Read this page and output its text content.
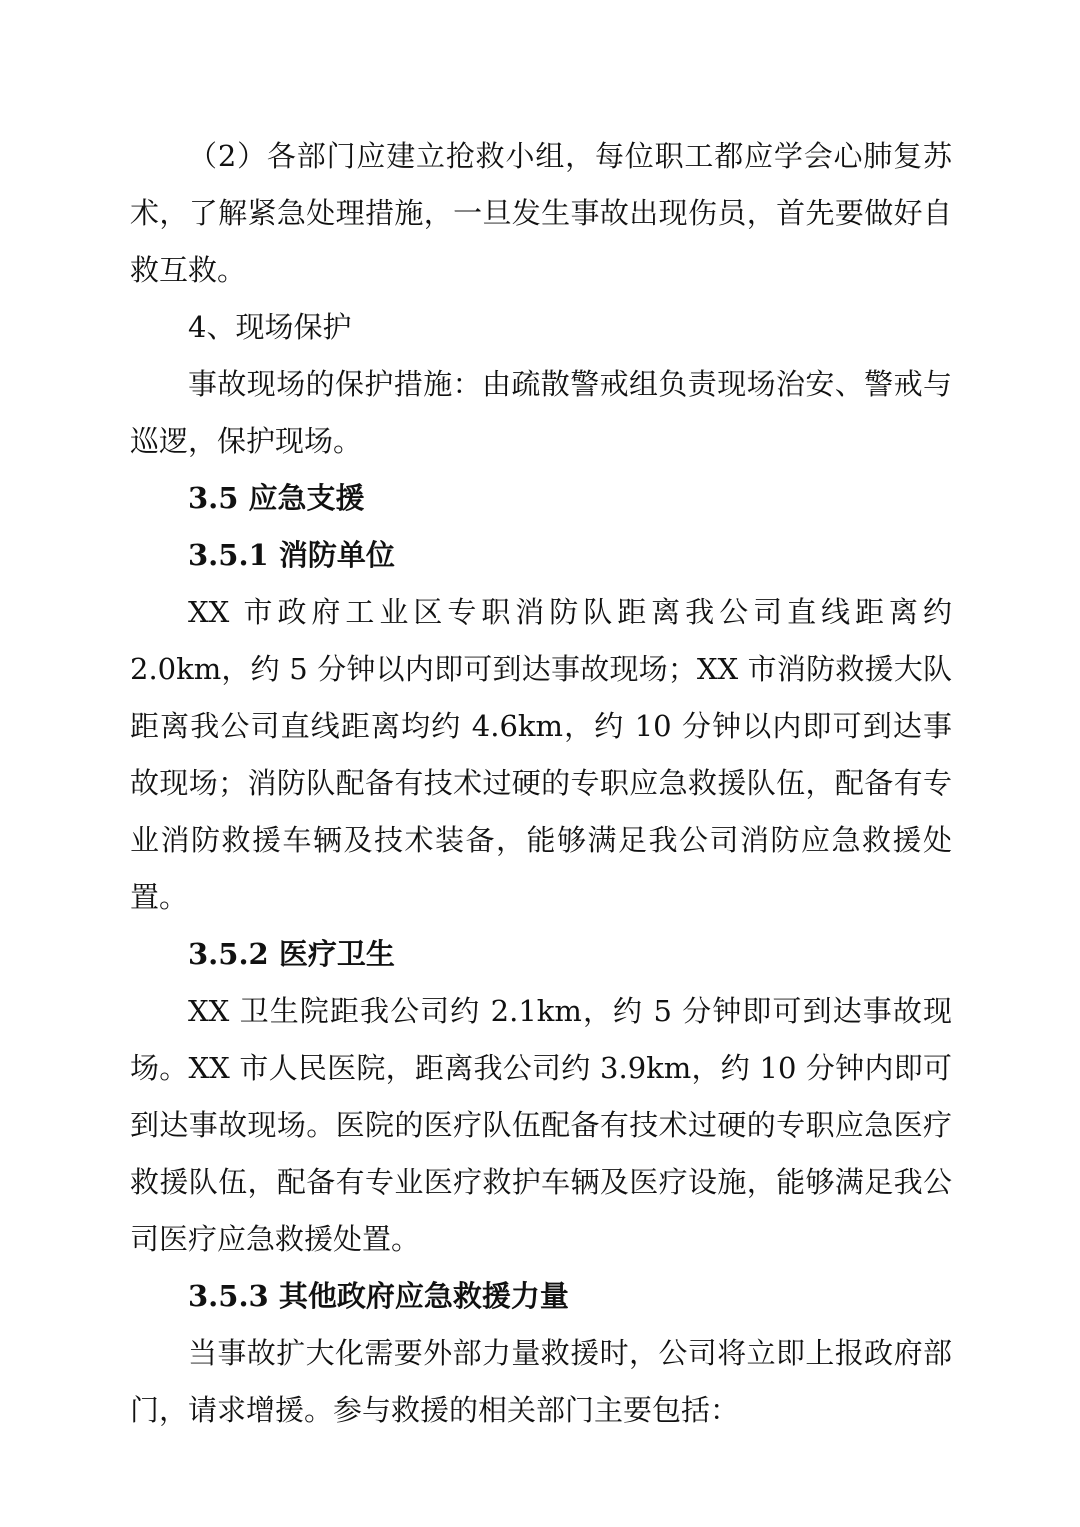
（2）各部门应建立抢救小组，每位职工都应学会心肺复苏术，了解紧急处理措施，一旦发生事故出现伤员，首先要做好自救互救。

4、现场保护

事故现场的保护措施：由疏散警戒组负责现场治安、警戒与巡逻，保护现场。

3.5 应急支援

3.5.1 消防单位

XX 市政府工业区专职消防队距离我公司直线距离约 2.0km，约 5 分钟以内即可到达事故现场；XX 市消防救援大队距离我公司直线距离均约 4.6km，约 10 分钟以内即可到达事故现场；消防队配备有技术过硬的专职应急救援队伍，配备有专业消防救援车辆及技术装备，能够满足我公司消防应急救援处置。

3.5.2 医疗卫生

XX 卫生院距我公司约 2.1km，约 5 分钟即可到达事故现场。XX 市人民医院，距离我公司约 3.9km，约 10 分钟内即可到达事故现场。医院的医疗队伍配备有技术过硬的专职应急医疗救援队伍，配备有专业医疗救护车辆及医疗设施，能够满足我公司医疗应急救援处置。

3.5.3 其他政府应急救援力量

当事故扩大化需要外部力量救援时，公司将立即上报政府部门，请求增援。参与救援的相关部门主要包括：
